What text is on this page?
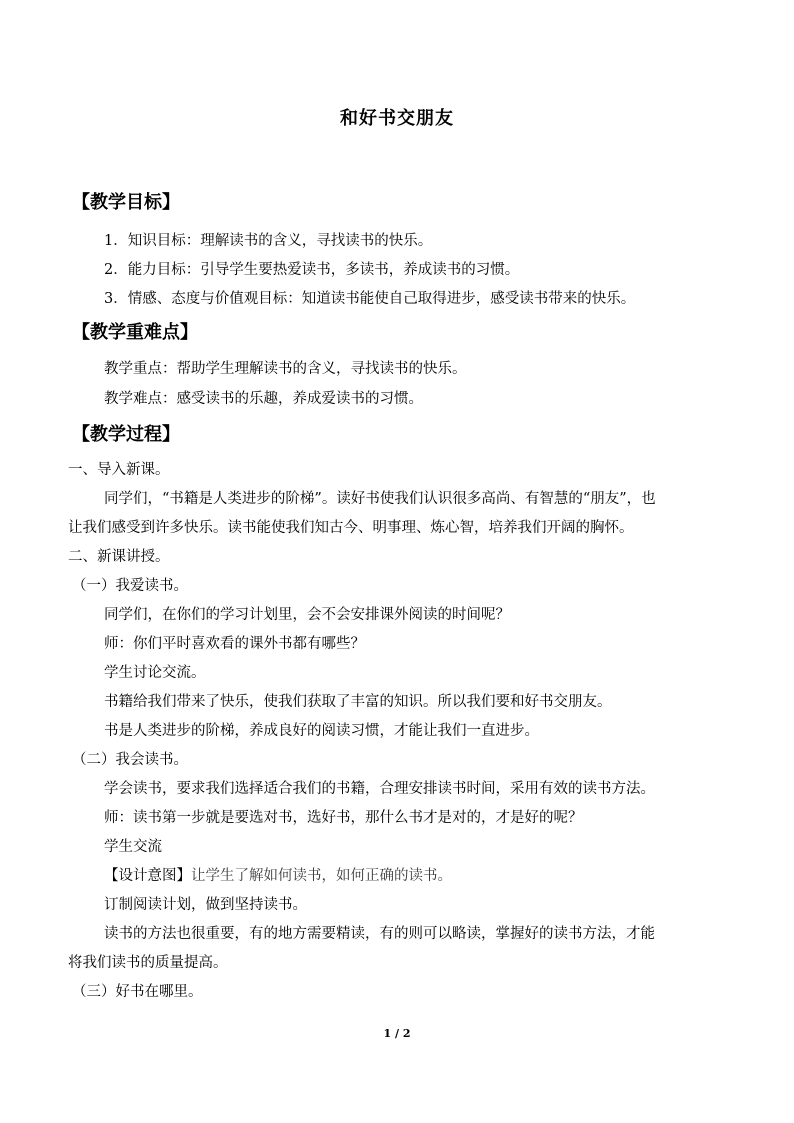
和好书交朋友
【教学目标】
1．知识目标：理解读书的含义，寻找读书的快乐。
2．能力目标：引导学生要热爱读书，多读书，养成读书的习惯。
3．情感、态度与价值观目标：知道读书能使自己取得进步，感受读书带来的快乐。
【教学重难点】
教学重点：帮助学生理解读书的含义，寻找读书的快乐。
教学难点：感受读书的乐趣，养成爱读书的习惯。
【教学过程】
一、导入新课。
同学们，“书籍是人类进步的阶梯”。读好书使我们认识很多高尚、有智慧的“朋友”，也
让我们感受到许多快乐。读书能使我们知古今、明事理、炼心智，培养我们开阔的胸怀。
二、新课讲授。
（一）我爱读书。
同学们，在你们的学习计划里，会不会安排课外阅读的时间呢？
师：你们平时喜欢看的课外书都有哪些？
学生讨论交流。
书籍给我们带来了快乐，使我们获取了丰富的知识。所以我们要和好书交朋友。
书是人类进步的阶梯，养成良好的阅读习惯，才能让我们一直进步。
（二）我会读书。
学会读书，要求我们选择适合我们的书籍，合理安排读书时间，采用有效的读书方法。
师：读书第一步就是要选对书，选好书，那什么书才是对的，才是好的呢？
学生交流
【设计意图】让学生了解如何读书，如何正确的读书。
订制阅读计划，做到坚持读书。
读书的方法也很重要，有的地方需要精读，有的则可以略读，掌握好的读书方法，才能
将我们读书的质量提高。
（三）好书在哪里。
1 / 2
